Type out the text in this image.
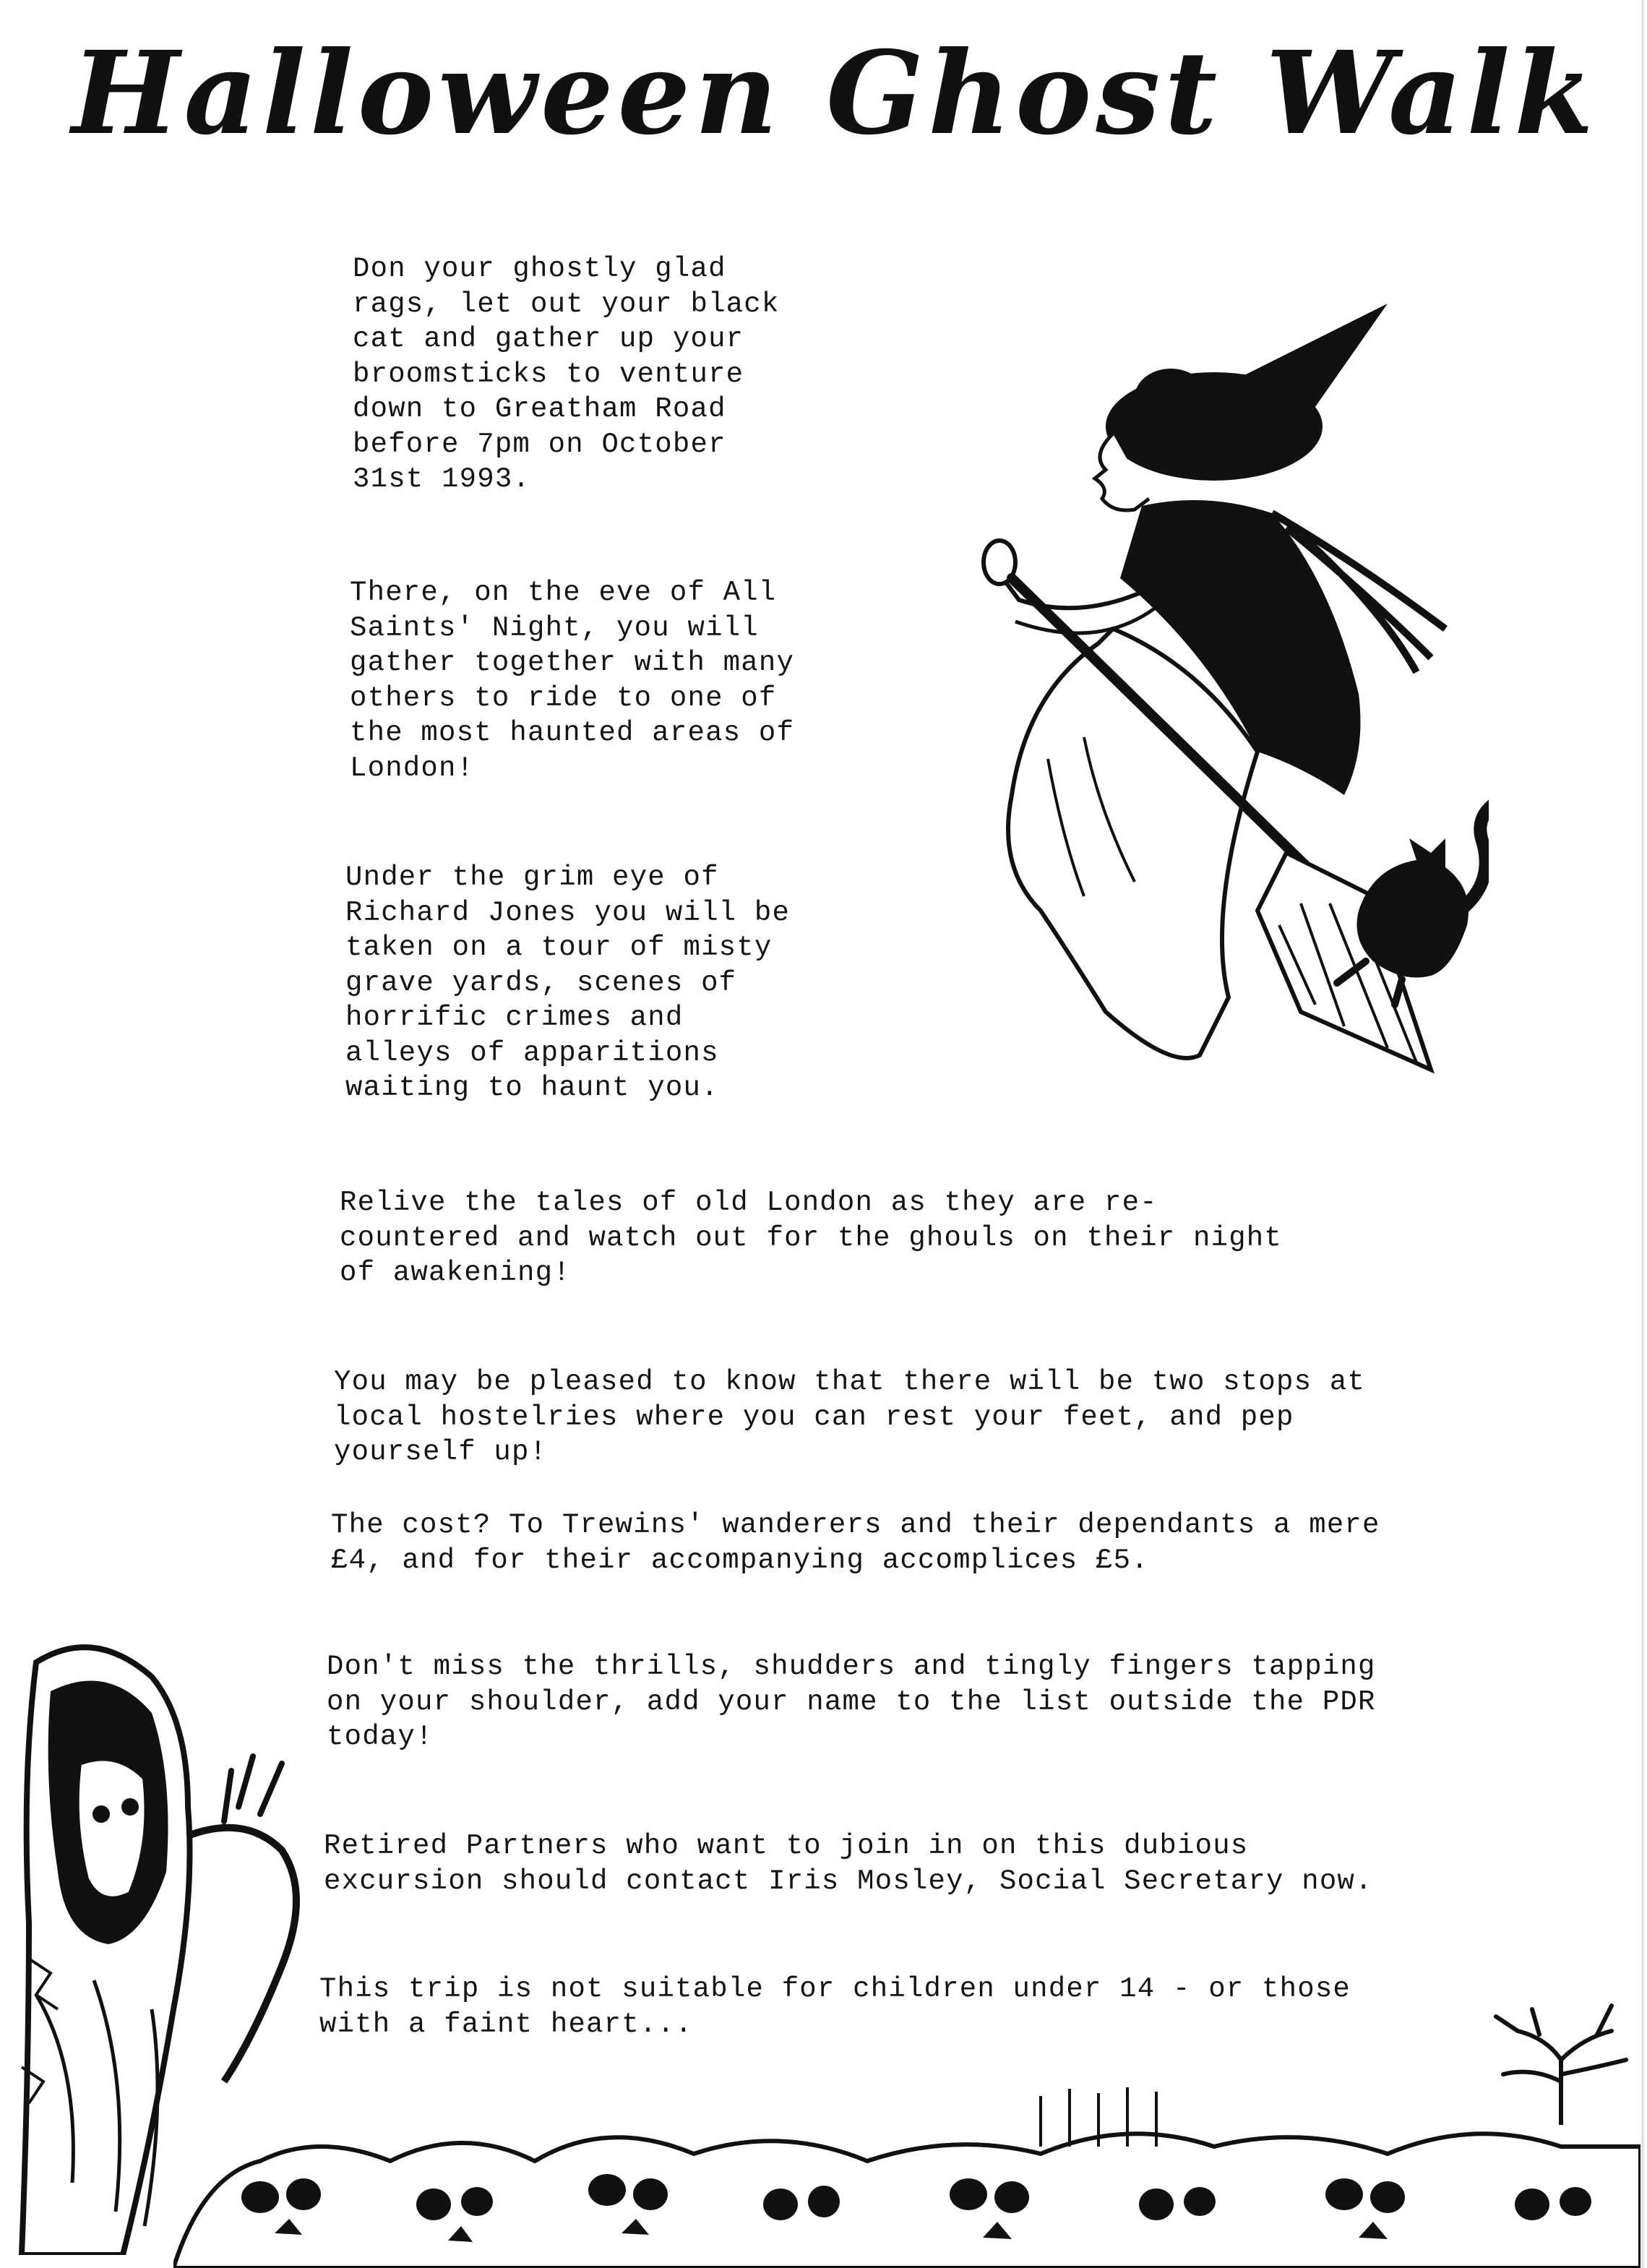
Halloween Ghost Walk

Don your ghostly glad
rags, let out your black
cat and gather up your
broomsticks to venture
down to Greatham Road
before 7pm on October
31st 1993.

There, on the eve of All
Saints' Night, you will
gather together with many
others to ride to one of
the most haunted areas of
London!

Under the grim eye of
Richard Jones you will be
taken on a tour of misty
grave yards, scenes of
horrific crimes and
alleys of apparitions
waiting to haunt you.

Relive the tales of old London as they are re-
countered and watch out for the ghouls on their night
of awakening!

You may be pleased to know that there will be two stops at
local hostelries where you can rest your feet, and pep
yourself up!

The cost? To Trewins' wanderers and their dependants a mere
£4, and for their accompanying accomplices £5.

Don't miss the thrills, shudders and tingly fingers tapping
on your shoulder, add your name to the list outside the PDR
today!

Retired Partners who want to join in on this dubious
excursion should contact Iris Mosley, Social Secretary now.

This trip is not suitable for children under 14 - or those
with a faint heart...
